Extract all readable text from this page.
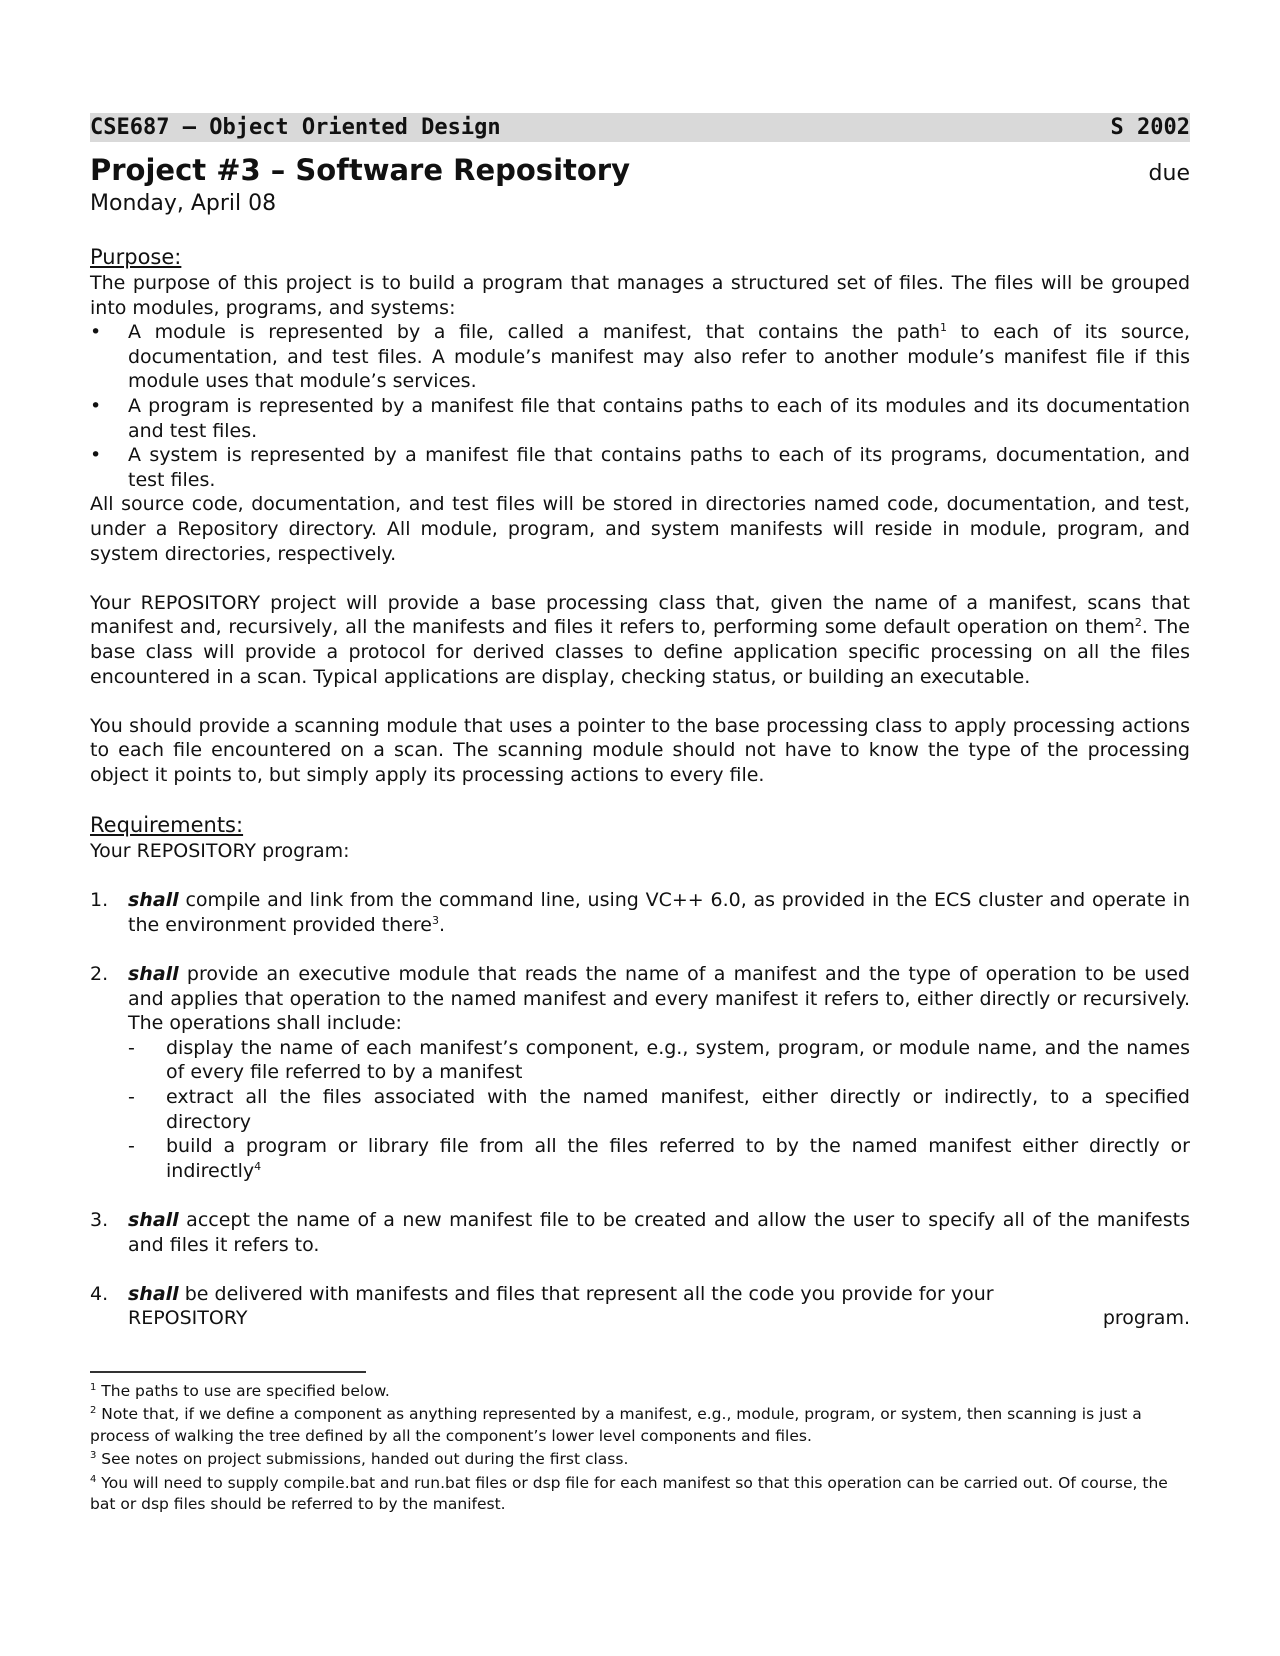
CSE687 – Object Oriented Design	S 2002
Project #3 – Software Repository	due
Monday, April 08
Purpose:
The purpose of this project is to build a program that manages a structured set of files. The files will be grouped into modules, programs, and systems:
• A module is represented by a file, called a manifest, that contains the path$^1$ to each of its source, documentation, and test files. A module’s manifest may also refer to another module’s manifest file if this module uses that module’s services.
• A program is represented by a manifest file that contains paths to each of its modules and its documentation and test files.
• A system is represented by a manifest file that contains paths to each of its programs, documentation, and test files.
All source code, documentation, and test files will be stored in directories named code, documentation, and test, under a Repository directory. All module, program, and system manifests will reside in module, program, and system directories, respectively.
Your REPOSITORY project will provide a base processing class that, given the name of a manifest, scans that manifest and, recursively, all the manifests and files it refers to, performing some default operation on them$^2$. The base class will provide a protocol for derived classes to define application specific processing on all the files encountered in a scan. Typical applications are display, checking status, or building an executable.
You should provide a scanning module that uses a pointer to the base processing class to apply processing actions to each file encountered on a scan. The scanning module should not have to know the type of the processing object it points to, but simply apply its processing actions to every file.
Requirements:
Your REPOSITORY program:
1. shall compile and link from the command line, using VC++ 6.0, as provided in the ECS cluster and operate in the environment provided there$^3$.
2. shall provide an executive module that reads the name of a manifest and the type of operation to be used and applies that operation to the named manifest and every manifest it refers to, either directly or recursively. The operations shall include:
- display the name of each manifest’s component, e.g., system, program, or module name, and the names of every file referred to by a manifest
- extract all the files associated with the named manifest, either directly or indirectly, to a specified directory
- build a program or library file from all the files referred to by the named manifest either directly or indirectly$^4$
3. shall accept the name of a new manifest file to be created and allow the user to specify all of the manifests and files it refers to.
4. shall be delivered with manifests and files that represent all the code you provide for your
REPOSITORY	program.
$^1$ The paths to use are specified below.
$^2$ Note that, if we define a component as anything represented by a manifest, e.g., module, program, or system, then scanning is just a process of walking the tree defined by all the component’s lower level components and files.
$^3$ See notes on project submissions, handed out during the first class.
$^4$ You will need to supply compile.bat and run.bat files or dsp file for each manifest so that this operation can be carried out. Of course, the bat or dsp files should be referred to by the manifest.
